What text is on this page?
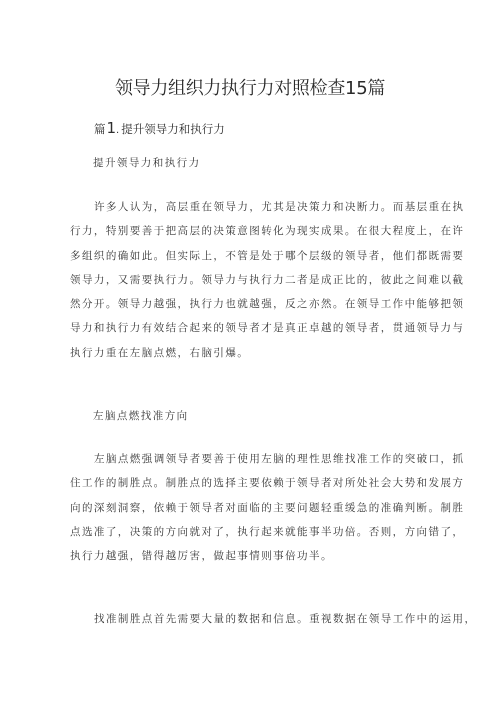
领导力组织力执行力对照检查15篇
篇1. 提升领导力和执行力
提升领导力和执行力
许多人认为，高层重在领导力，尤其是决策力和决断力。而基层重在执
行力，特别要善于把高层的决策意图转化为现实成果。在很大程度上，在许
多组织的确如此。但实际上，不管是处于哪个层级的领导者，他们都既需要
领导力，又需要执行力。领导力与执行力二者是成正比的，彼此之间难以截
然分开。领导力越强，执行力也就越强，反之亦然。在领导工作中能够把领
导力和执行力有效结合起来的领导者才是真正卓越的领导者，贯通领导力与
执行力重在左脑点燃，右脑引爆。
左脑点燃找准方向
左脑点燃强调领导者要善于使用左脑的理性思维找准工作的突破口，抓
住工作的制胜点。制胜点的选择主要依赖于领导者对所处社会大势和发展方
向的深刻洞察，依赖于领导者对面临的主要问题轻重缓急的准确判断。制胜
点选准了，决策的方向就对了，执行起来就能事半功倍。否则，方向错了，
执行力越强，错得越厉害，做起事情则事倍功半。
找准制胜点首先需要大量的数据和信息。重视数据在领导工作中的运用，
